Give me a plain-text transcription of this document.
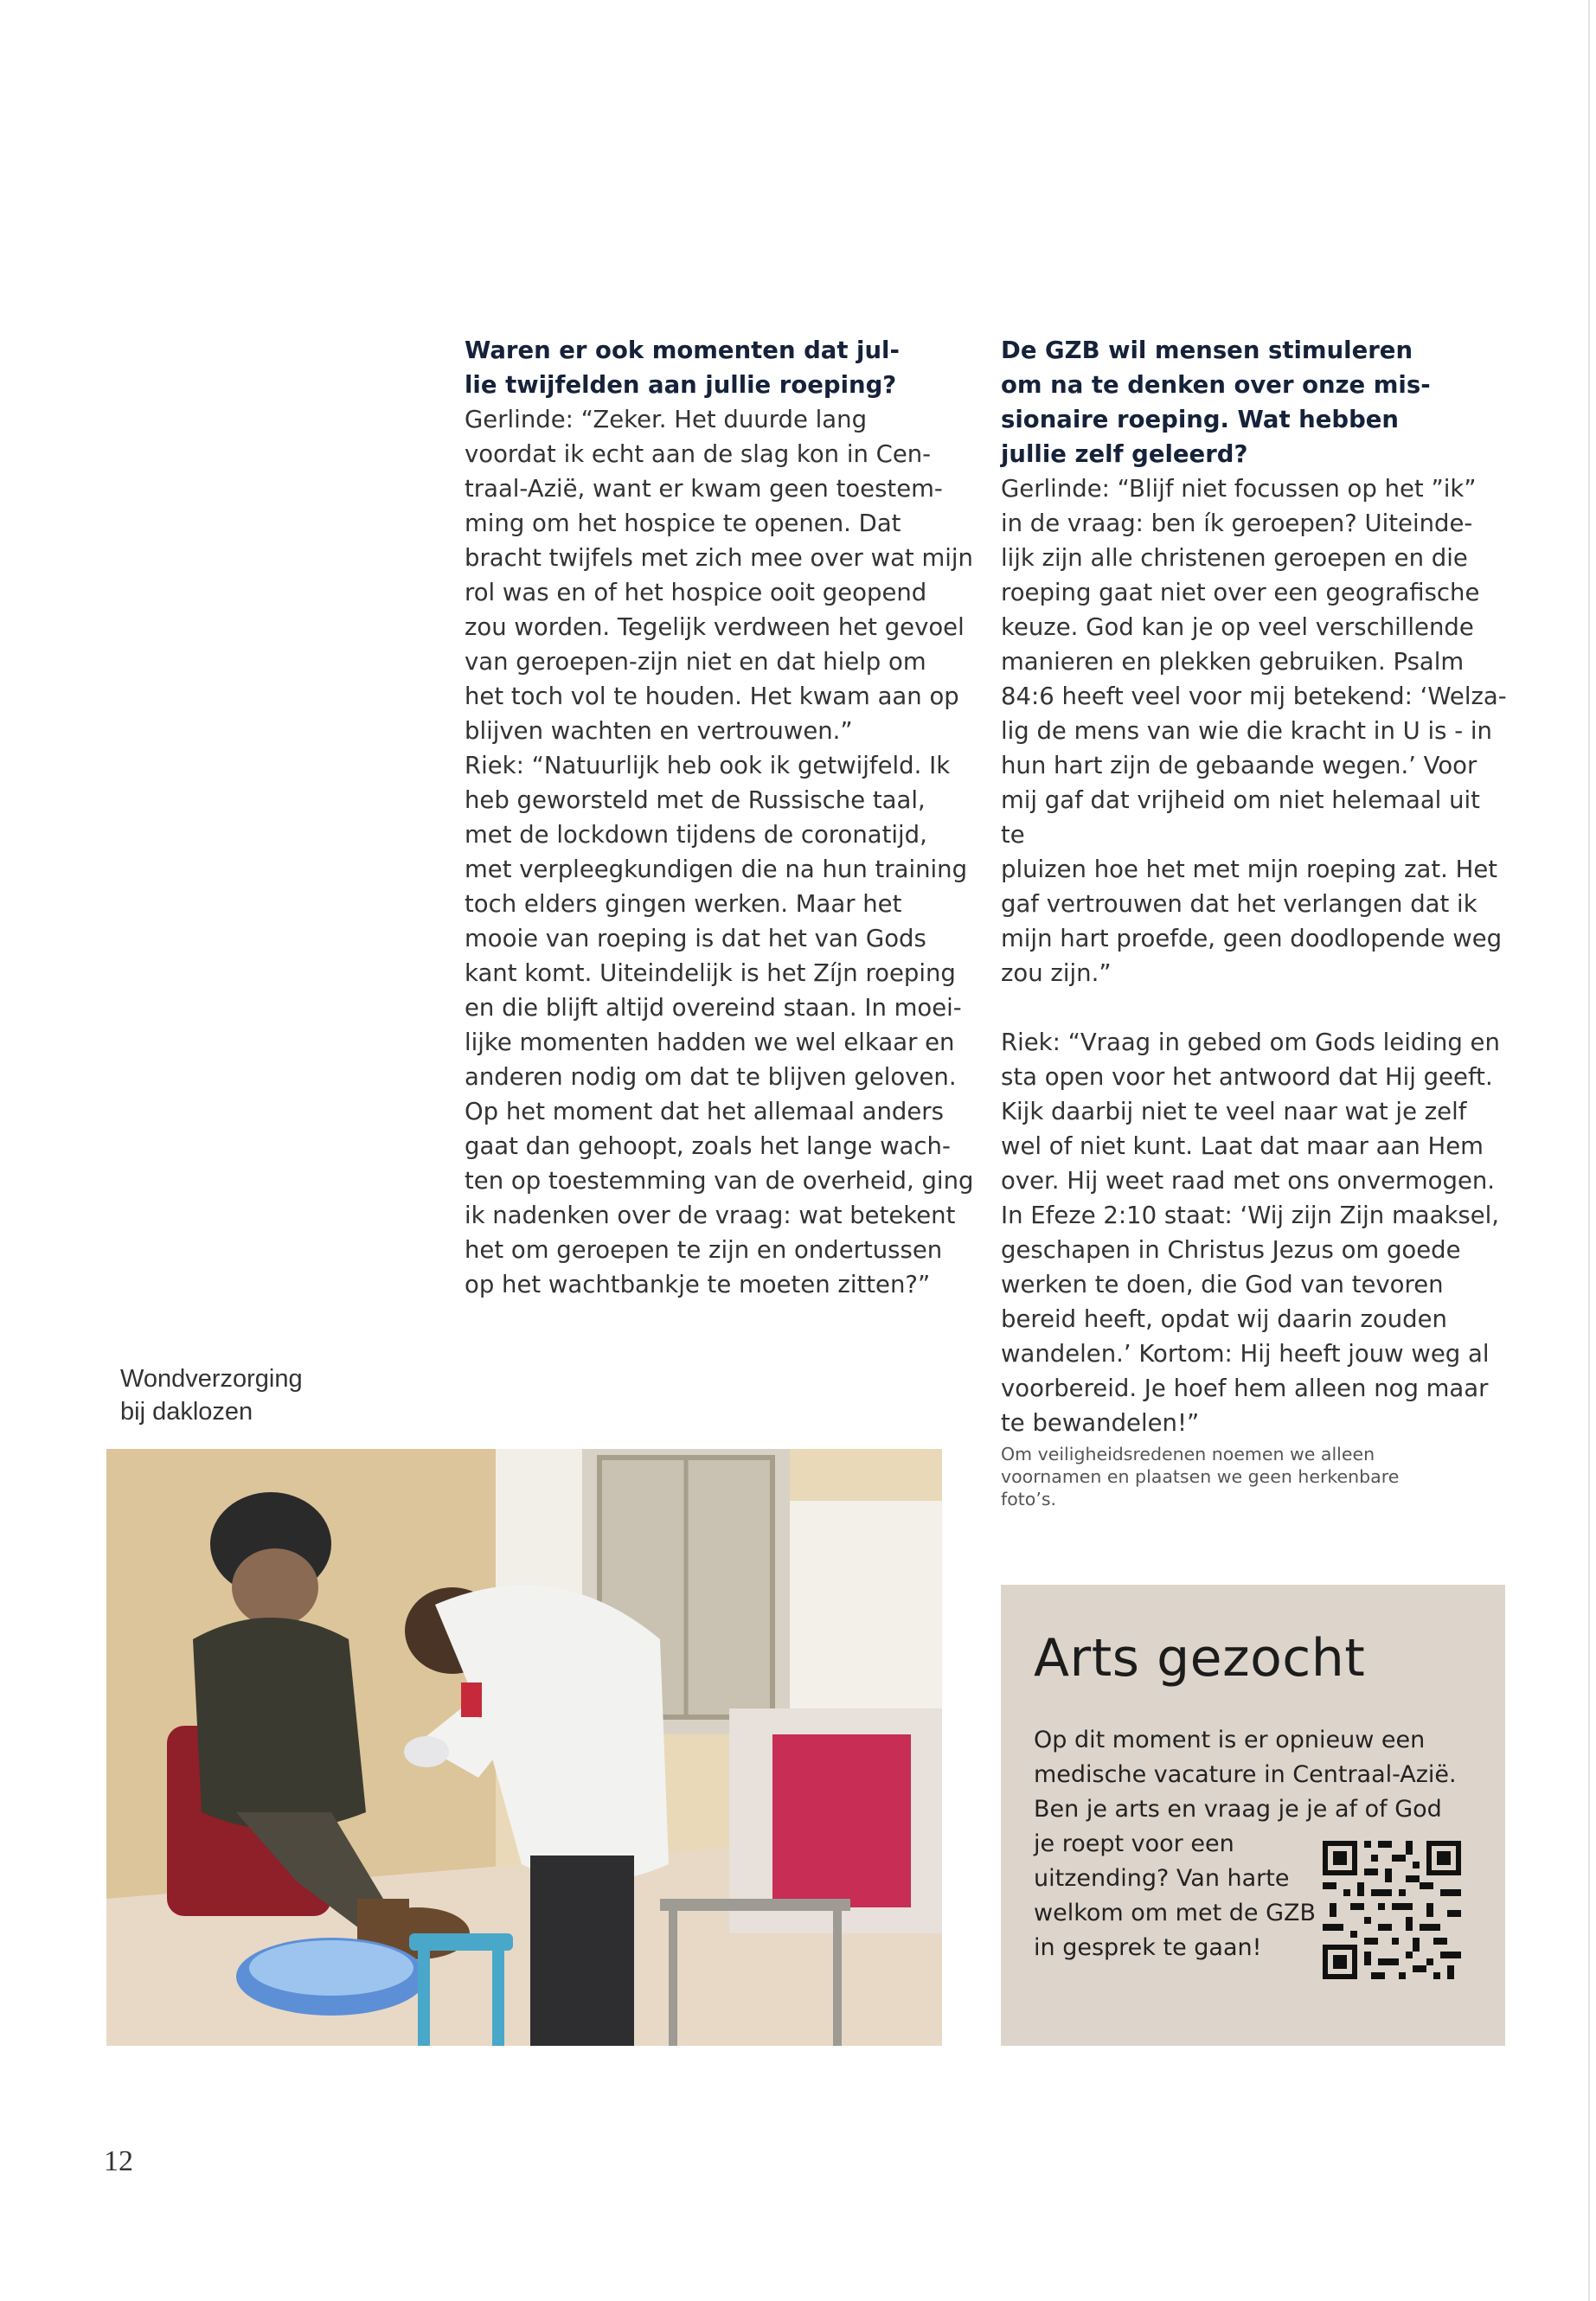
Waren er ook momenten dat jul-
lie twijfelden aan jullie roeping?

Gerlinde: “Zeker. Het duurde lang
voordat ik echt aan de slag kon in Cen-
traal-Azië, want er kwam geen toestem-
ming om het hospice te openen. Dat
bracht twijfels met zich mee over wat mijn
rol was en of het hospice ooit geopend
zou worden. Tegelijk verdween het gevoel
van geroepen-zijn niet en dat hielp om
het toch vol te houden. Het kwam aan op
blijven wachten en vertrouwen.”

Riek: “Natuurlijk heb ook ik getwijfeld. Ik
heb geworsteld met de Russische taal,
met de lockdown tijdens de coronatijd,
met verpleegkundigen die na hun training
toch elders gingen werken. Maar het
mooie van roeping is dat het van Gods
kant komt. Uiteindelijk is het Zíjn roeping
en die blijft altijd overeind staan. In moei-
lijke momenten hadden we wel elkaar en
anderen nodig om dat te blijven geloven.
Op het moment dat het allemaal anders
gaat dan gehoopt, zoals het lange wach-
ten op toestemming van de overheid, ging
ik nadenken over de vraag: wat betekent
het om geroepen te zijn en ondertussen
op het wachtbankje te moeten zitten?”

De GZB wil mensen stimuleren
om na te denken over onze mis-
sionaire roeping. Wat hebben
jullie zelf geleerd?

Gerlinde: “Blijf niet focussen op het ”ik”
in de vraag: ben ík geroepen? Uiteinde-
lijk zijn alle christenen geroepen en die
roeping gaat niet over een geografische
keuze. God kan je op veel verschillende
manieren en plekken gebruiken. Psalm
84:6 heeft veel voor mij betekend: ‘Welza-
lig de mens van wie die kracht in U is - in
hun hart zijn de gebaande wegen.’ Voor
mij gaf dat vrijheid om niet helemaal uit te
pluizen hoe het met mijn roeping zat. Het
gaf vertrouwen dat het verlangen dat ik
mijn hart proefde, geen doodlopende weg
zou zijn.”

Riek: “Vraag in gebed om Gods leiding en
sta open voor het antwoord dat Hij geeft.
Kijk daarbij niet te veel naar wat je zelf
wel of niet kunt. Laat dat maar aan Hem
over. Hij weet raad met ons onvermogen.
In Efeze 2:10 staat: ‘Wij zijn Zijn maaksel,
geschapen in Christus Jezus om goede
werken te doen, die God van tevoren
bereid heeft, opdat wij daarin zouden
wandelen.’ Kortom: Hij heeft jouw weg al
voorbereid. Je hoef hem alleen nog maar
te bewandelen!”

Om veiligheidsredenen noemen we alleen
voornamen en plaatsen we geen herkenbare
foto’s.
Wondverzorging
bij daklozen
Arts gezocht

Op dit moment is er opnieuw een
medische vacature in Centraal-Azië.
Ben je arts en vraag je je af of God
je roept voor een
uitzending? Van harte
welkom om met de GZB
in gesprek te gaan!

12
